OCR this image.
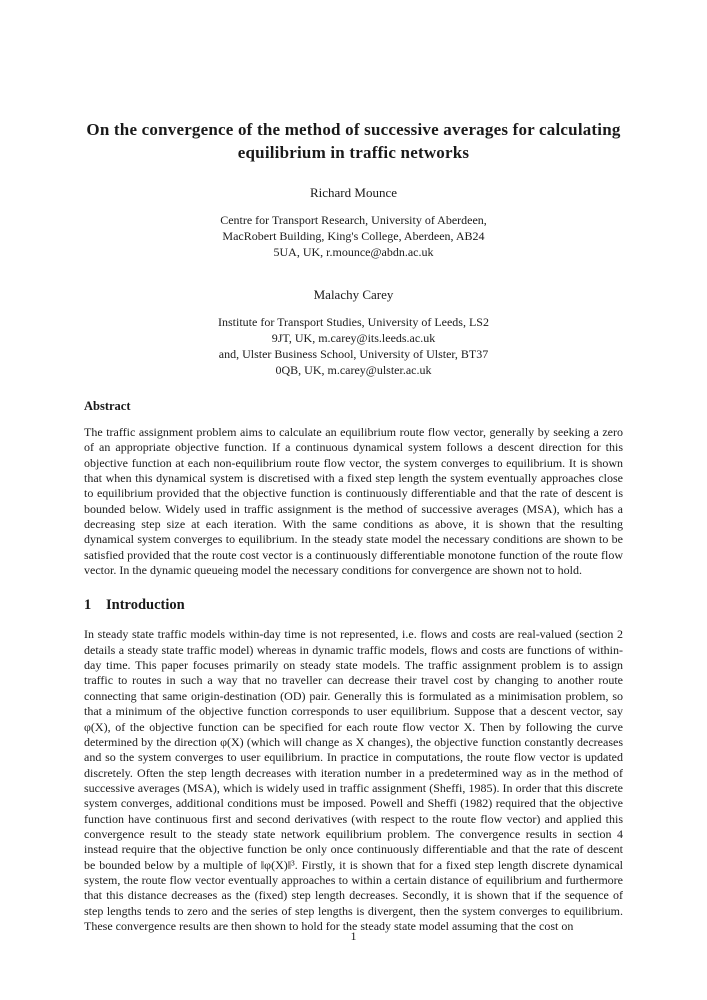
On the convergence of the method of successive averages for calculating equilibrium in traffic networks
Richard Mounce
Centre for Transport Research, University of Aberdeen,
MacRobert Building, King's College, Aberdeen, AB24
5UA, UK, r.mounce@abdn.ac.uk
Malachy Carey
Institute for Transport Studies, University of Leeds, LS2
9JT, UK, m.carey@its.leeds.ac.uk
and, Ulster Business School, University of Ulster, BT37
0QB, UK, m.carey@ulster.ac.uk
Abstract
The traffic assignment problem aims to calculate an equilibrium route flow vector, generally by seeking a zero of an appropriate objective function. If a continuous dynamical system follows a descent direction for this objective function at each non-equilibrium route flow vector, the system converges to equilibrium. It is shown that when this dynamical system is discretised with a fixed step length the system eventually approaches close to equilibrium provided that the objective function is continuously differentiable and that the rate of descent is bounded below. Widely used in traffic assignment is the method of successive averages (MSA), which has a decreasing step size at each iteration. With the same conditions as above, it is shown that the resulting dynamical system converges to equilibrium. In the steady state model the necessary conditions are shown to be satisfied provided that the route cost vector is a continuously differentiable monotone function of the route flow vector. In the dynamic queueing model the necessary conditions for convergence are shown not to hold.
1	Introduction
In steady state traffic models within-day time is not represented, i.e. flows and costs are real-valued (section 2 details a steady state traffic model) whereas in dynamic traffic models, flows and costs are functions of within-day time. This paper focuses primarily on steady state models. The traffic assignment problem is to assign traffic to routes in such a way that no traveller can decrease their travel cost by changing to another route connecting that same origin-destination (OD) pair. Generally this is formulated as a minimisation problem, so that a minimum of the objective function corresponds to user equilibrium. Suppose that a descent vector, say φ(X), of the objective function can be specified for each route flow vector X. Then by following the curve determined by the direction φ(X) (which will change as X changes), the objective function constantly decreases and so the system converges to user equilibrium. In practice in computations, the route flow vector is updated discretely. Often the step length decreases with iteration number in a predetermined way as in the method of successive averages (MSA), which is widely used in traffic assignment (Sheffi, 1985). In order that this discrete system converges, additional conditions must be imposed. Powell and Sheffi (1982) required that the objective function have continuous first and second derivatives (with respect to the route flow vector) and applied this convergence result to the steady state network equilibrium problem. The convergence results in section 4 instead require that the objective function be only once continuously differentiable and that the rate of descent be bounded below by a multiple of ‖φ(X)‖³. Firstly, it is shown that for a fixed step length discrete dynamical system, the route flow vector eventually approaches to within a certain distance of equilibrium and furthermore that this distance decreases as the (fixed) step length decreases. Secondly, it is shown that if the sequence of step lengths tends to zero and the series of step lengths is divergent, then the system converges to equilibrium. These convergence results are then shown to hold for the steady state model assuming that the cost on
1
